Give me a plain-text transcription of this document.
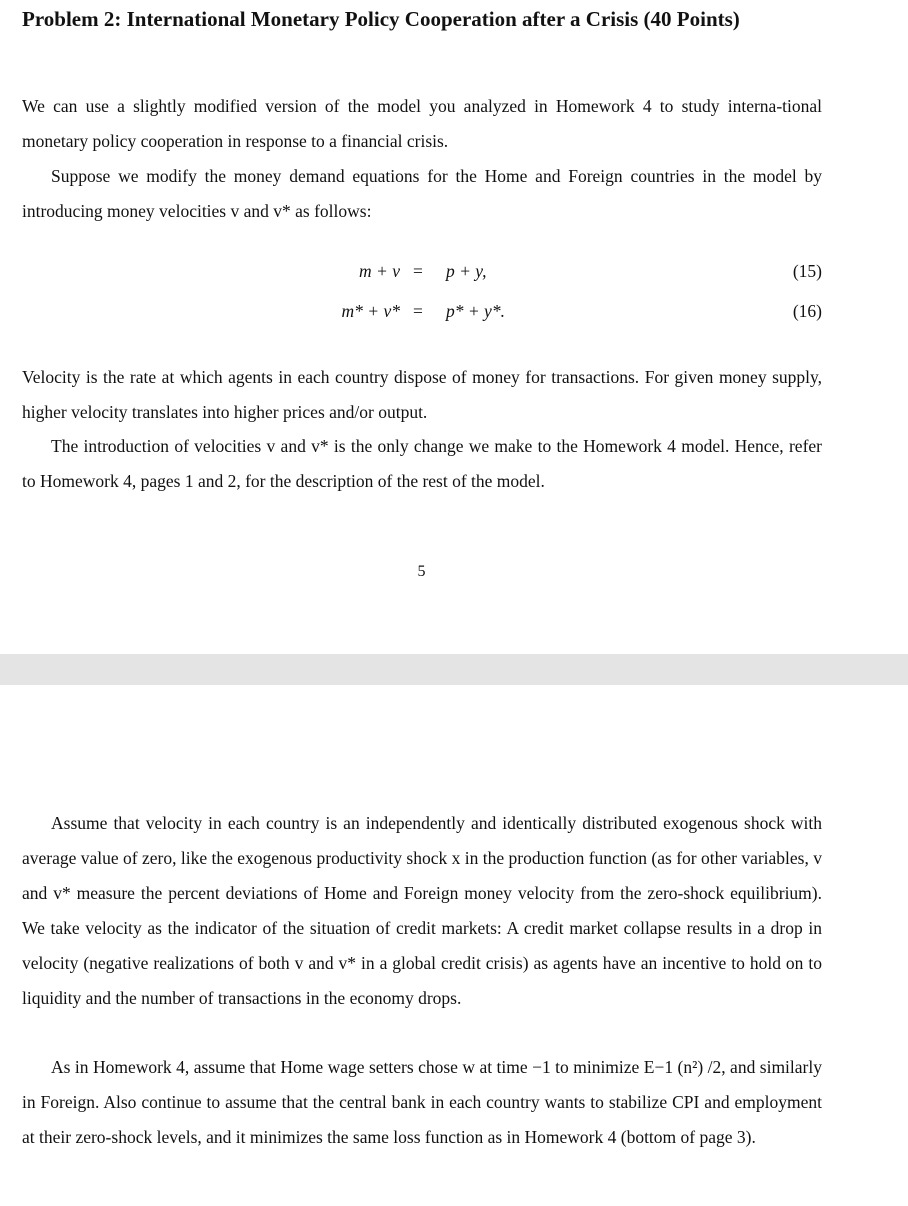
Problem 2: International Monetary Policy Cooperation after a Crisis (40 Points)

We can use a slightly modified version of the model you analyzed in Homework 4 to study interna-tional monetary policy cooperation in response to a financial crisis.

Suppose we modify the money demand equations for the Home and Foreign countries in the model by introducing money velocities v and v* as follows:

m + v = p + y,	(15)
m* + v* = p* + y*.	(16)

Velocity is the rate at which agents in each country dispose of money for transactions. For given money supply, higher velocity translates into higher prices and/or output.

The introduction of velocities v and v* is the only change we make to the Homework 4 model. Hence, refer to Homework 4, pages 1 and 2, for the description of the rest of the model.

5

Assume that velocity in each country is an independently and identically distributed exogenous shock with average value of zero, like the exogenous productivity shock x in the production function (as for other variables, v and v* measure the percent deviations of Home and Foreign money velocity from the zero-shock equilibrium). We take velocity as the indicator of the situation of credit markets: A credit market collapse results in a drop in velocity (negative realizations of both v and v* in a global credit crisis) as agents have an incentive to hold on to liquidity and the number of transactions in the economy drops.

As in Homework 4, assume that Home wage setters chose w at time −1 to minimize E−1 (n²) /2, and similarly in Foreign. Also continue to assume that the central bank in each country wants to stabilize CPI and employment at their zero-shock levels, and it minimizes the same loss function as in Homework 4 (bottom of page 3).
